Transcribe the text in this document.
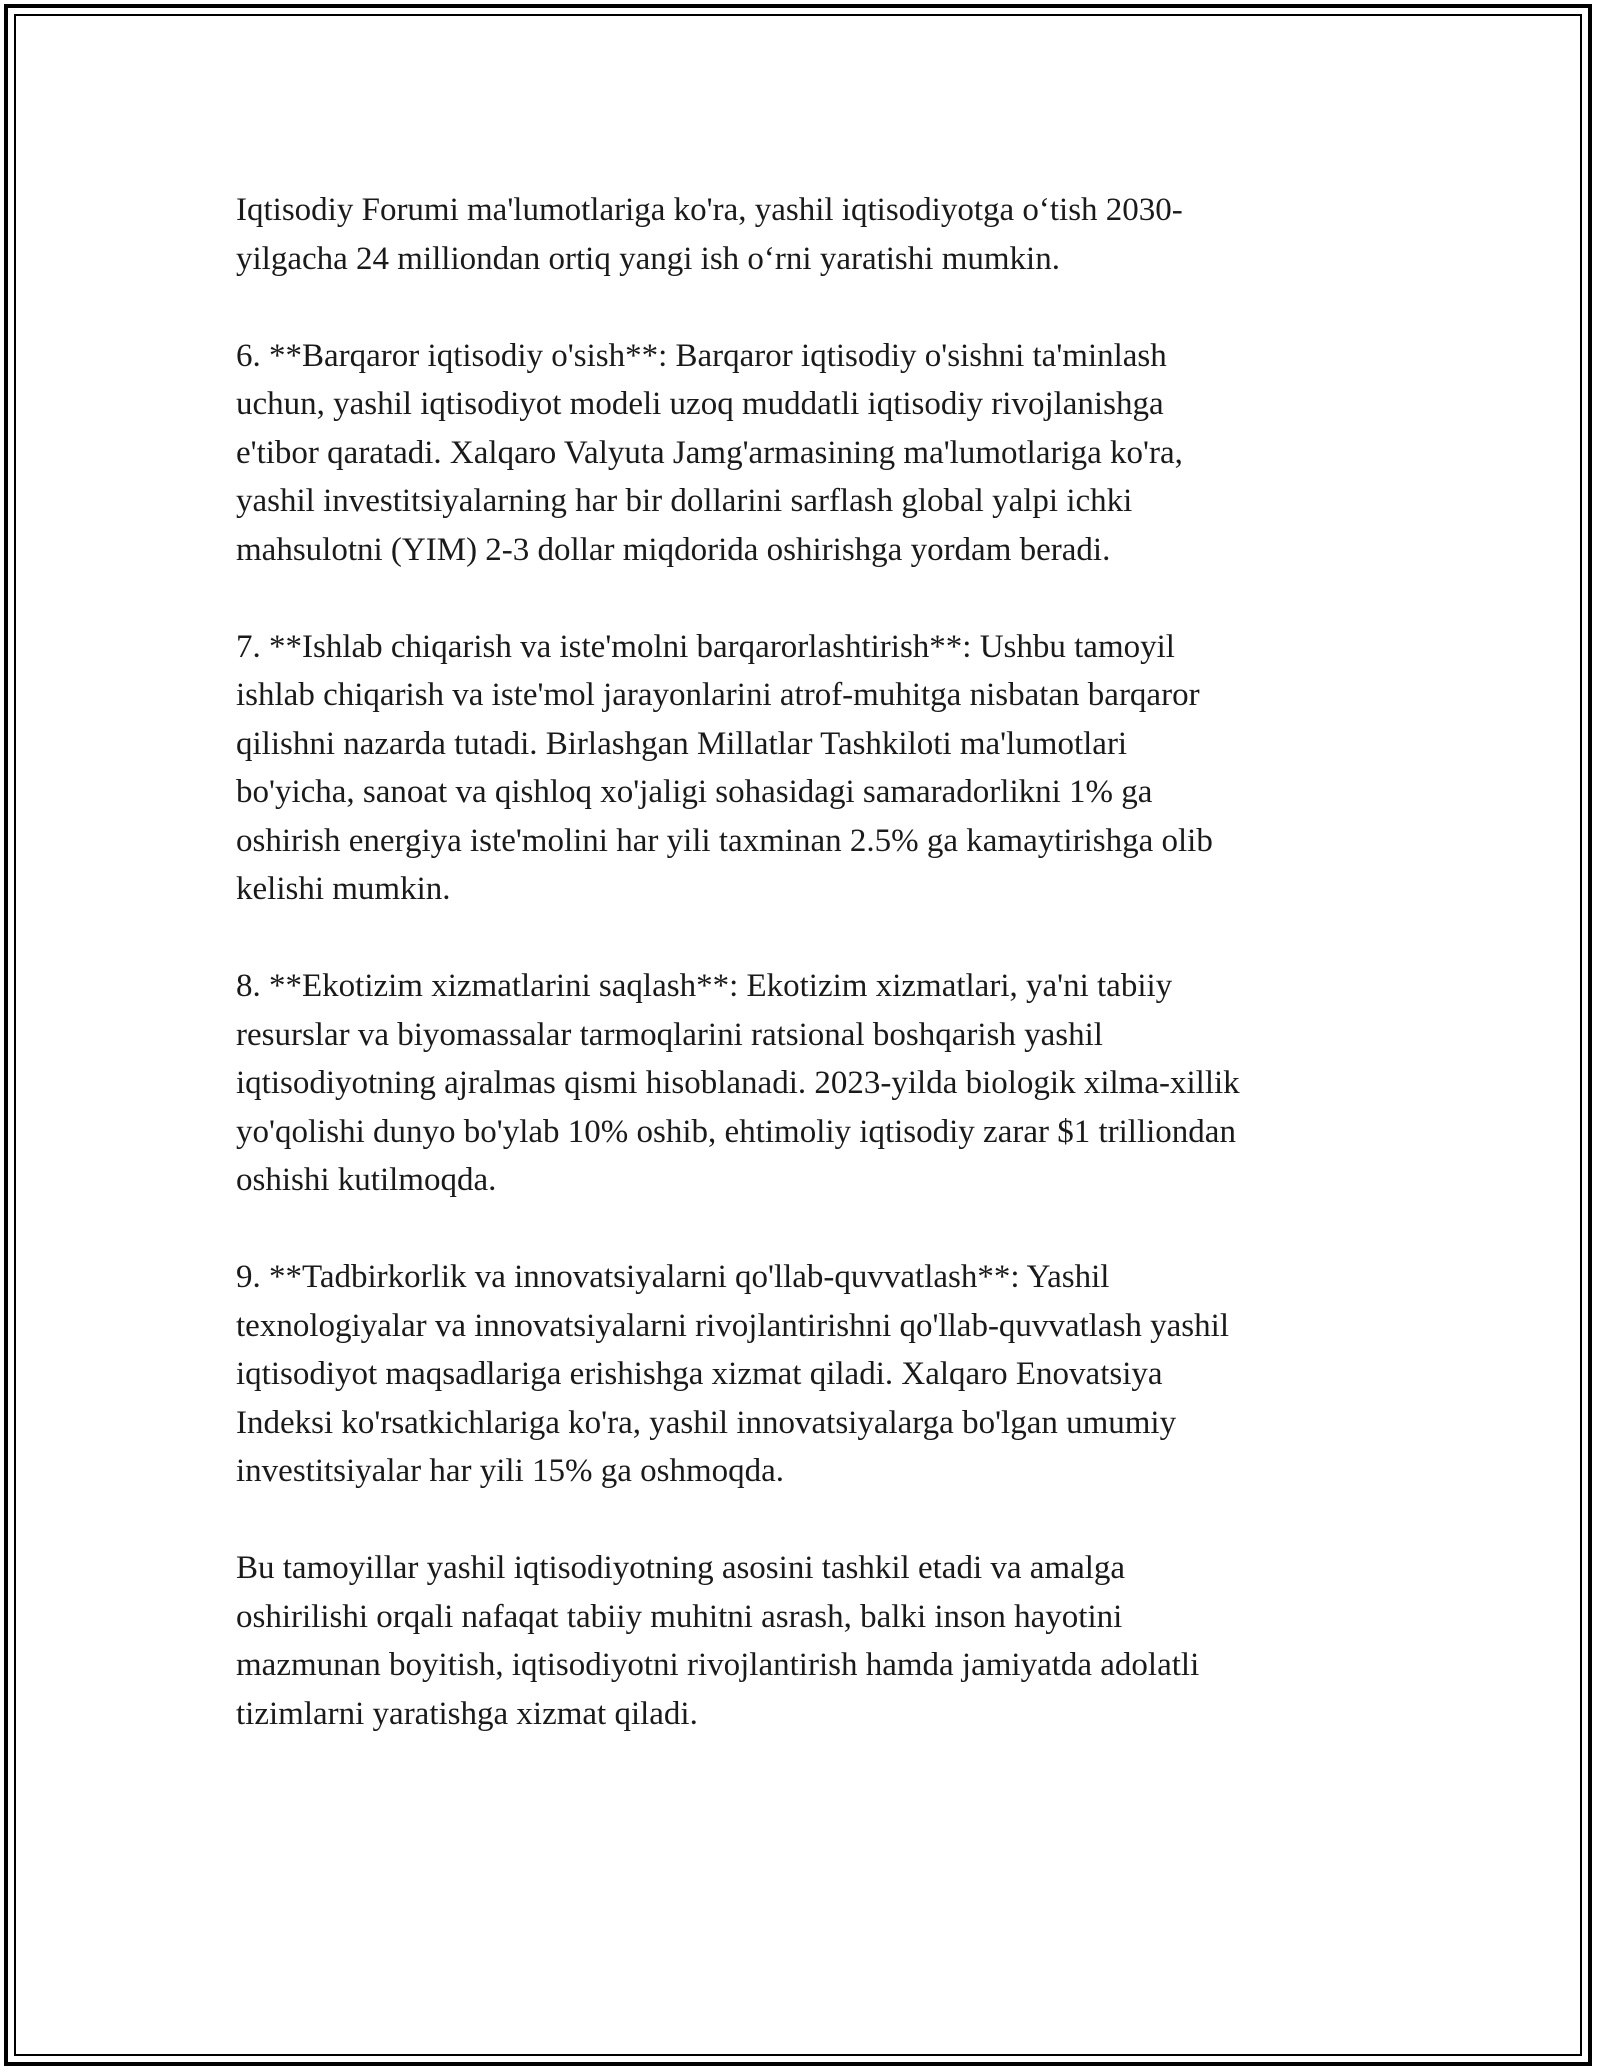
Iqtisodiy Forumi ma'lumotlariga ko'ra, yashil iqtisodiyotga o‘tish 2030-
yilgacha 24 milliondan ortiq yangi ish o‘rni yaratishi mumkin.

6. **Barqaror iqtisodiy o'sish**: Barqaror iqtisodiy o'sishni ta'minlash
uchun, yashil iqtisodiyot modeli uzoq muddatli iqtisodiy rivojlanishga
e'tibor qaratadi. Xalqaro Valyuta Jamg'armasining ma'lumotlariga ko'ra,
yashil investitsiyalarning har bir dollarini sarflash global yalpi ichki
mahsulotni (YIM) 2-3 dollar miqdorida oshirishga yordam beradi.

7. **Ishlab chiqarish va iste'molni barqarorlashtirish**: Ushbu tamoyil
ishlab chiqarish va iste'mol jarayonlarini atrof-muhitga nisbatan barqaror
qilishni nazarda tutadi. Birlashgan Millatlar Tashkiloti ma'lumotlari
bo'yicha, sanoat va qishloq xo'jaligi sohasidagi samaradorlikni 1% ga
oshirish energiya iste'molini har yili taxminan 2.5% ga kamaytirishga olib
kelishi mumkin.

8. **Ekotizim xizmatlarini saqlash**: Ekotizim xizmatlari, ya'ni tabiiy
resurslar va biyomassalar tarmoqlarini ratsional boshqarish yashil
iqtisodiyotning ajralmas qismi hisoblanadi. 2023-yilda biologik xilma-xillik
yo'qolishi dunyo bo'ylab 10% oshib, ehtimoliy iqtisodiy zarar $1 trilliondan
oshishi kutilmoqda.

9. **Tadbirkorlik va innovatsiyalarni qo'llab-quvvatlash**: Yashil
texnologiyalar va innovatsiyalarni rivojlantirishni qo'llab-quvvatlash yashil
iqtisodiyot maqsadlariga erishishga xizmat qiladi. Xalqaro Enovatsiya
Indeksi ko'rsatkichlariga ko'ra, yashil innovatsiyalarga bo'lgan umumiy
investitsiyalar har yili 15% ga oshmoqda.

Bu tamoyillar yashil iqtisodiyotning asosini tashkil etadi va amalga
oshirilishi orqali nafaqat tabiiy muhitni asrash, balki inson hayotini
mazmunan boyitish, iqtisodiyotni rivojlantirish hamda jamiyatda adolatli
tizimlarni yaratishga xizmat qiladi.
